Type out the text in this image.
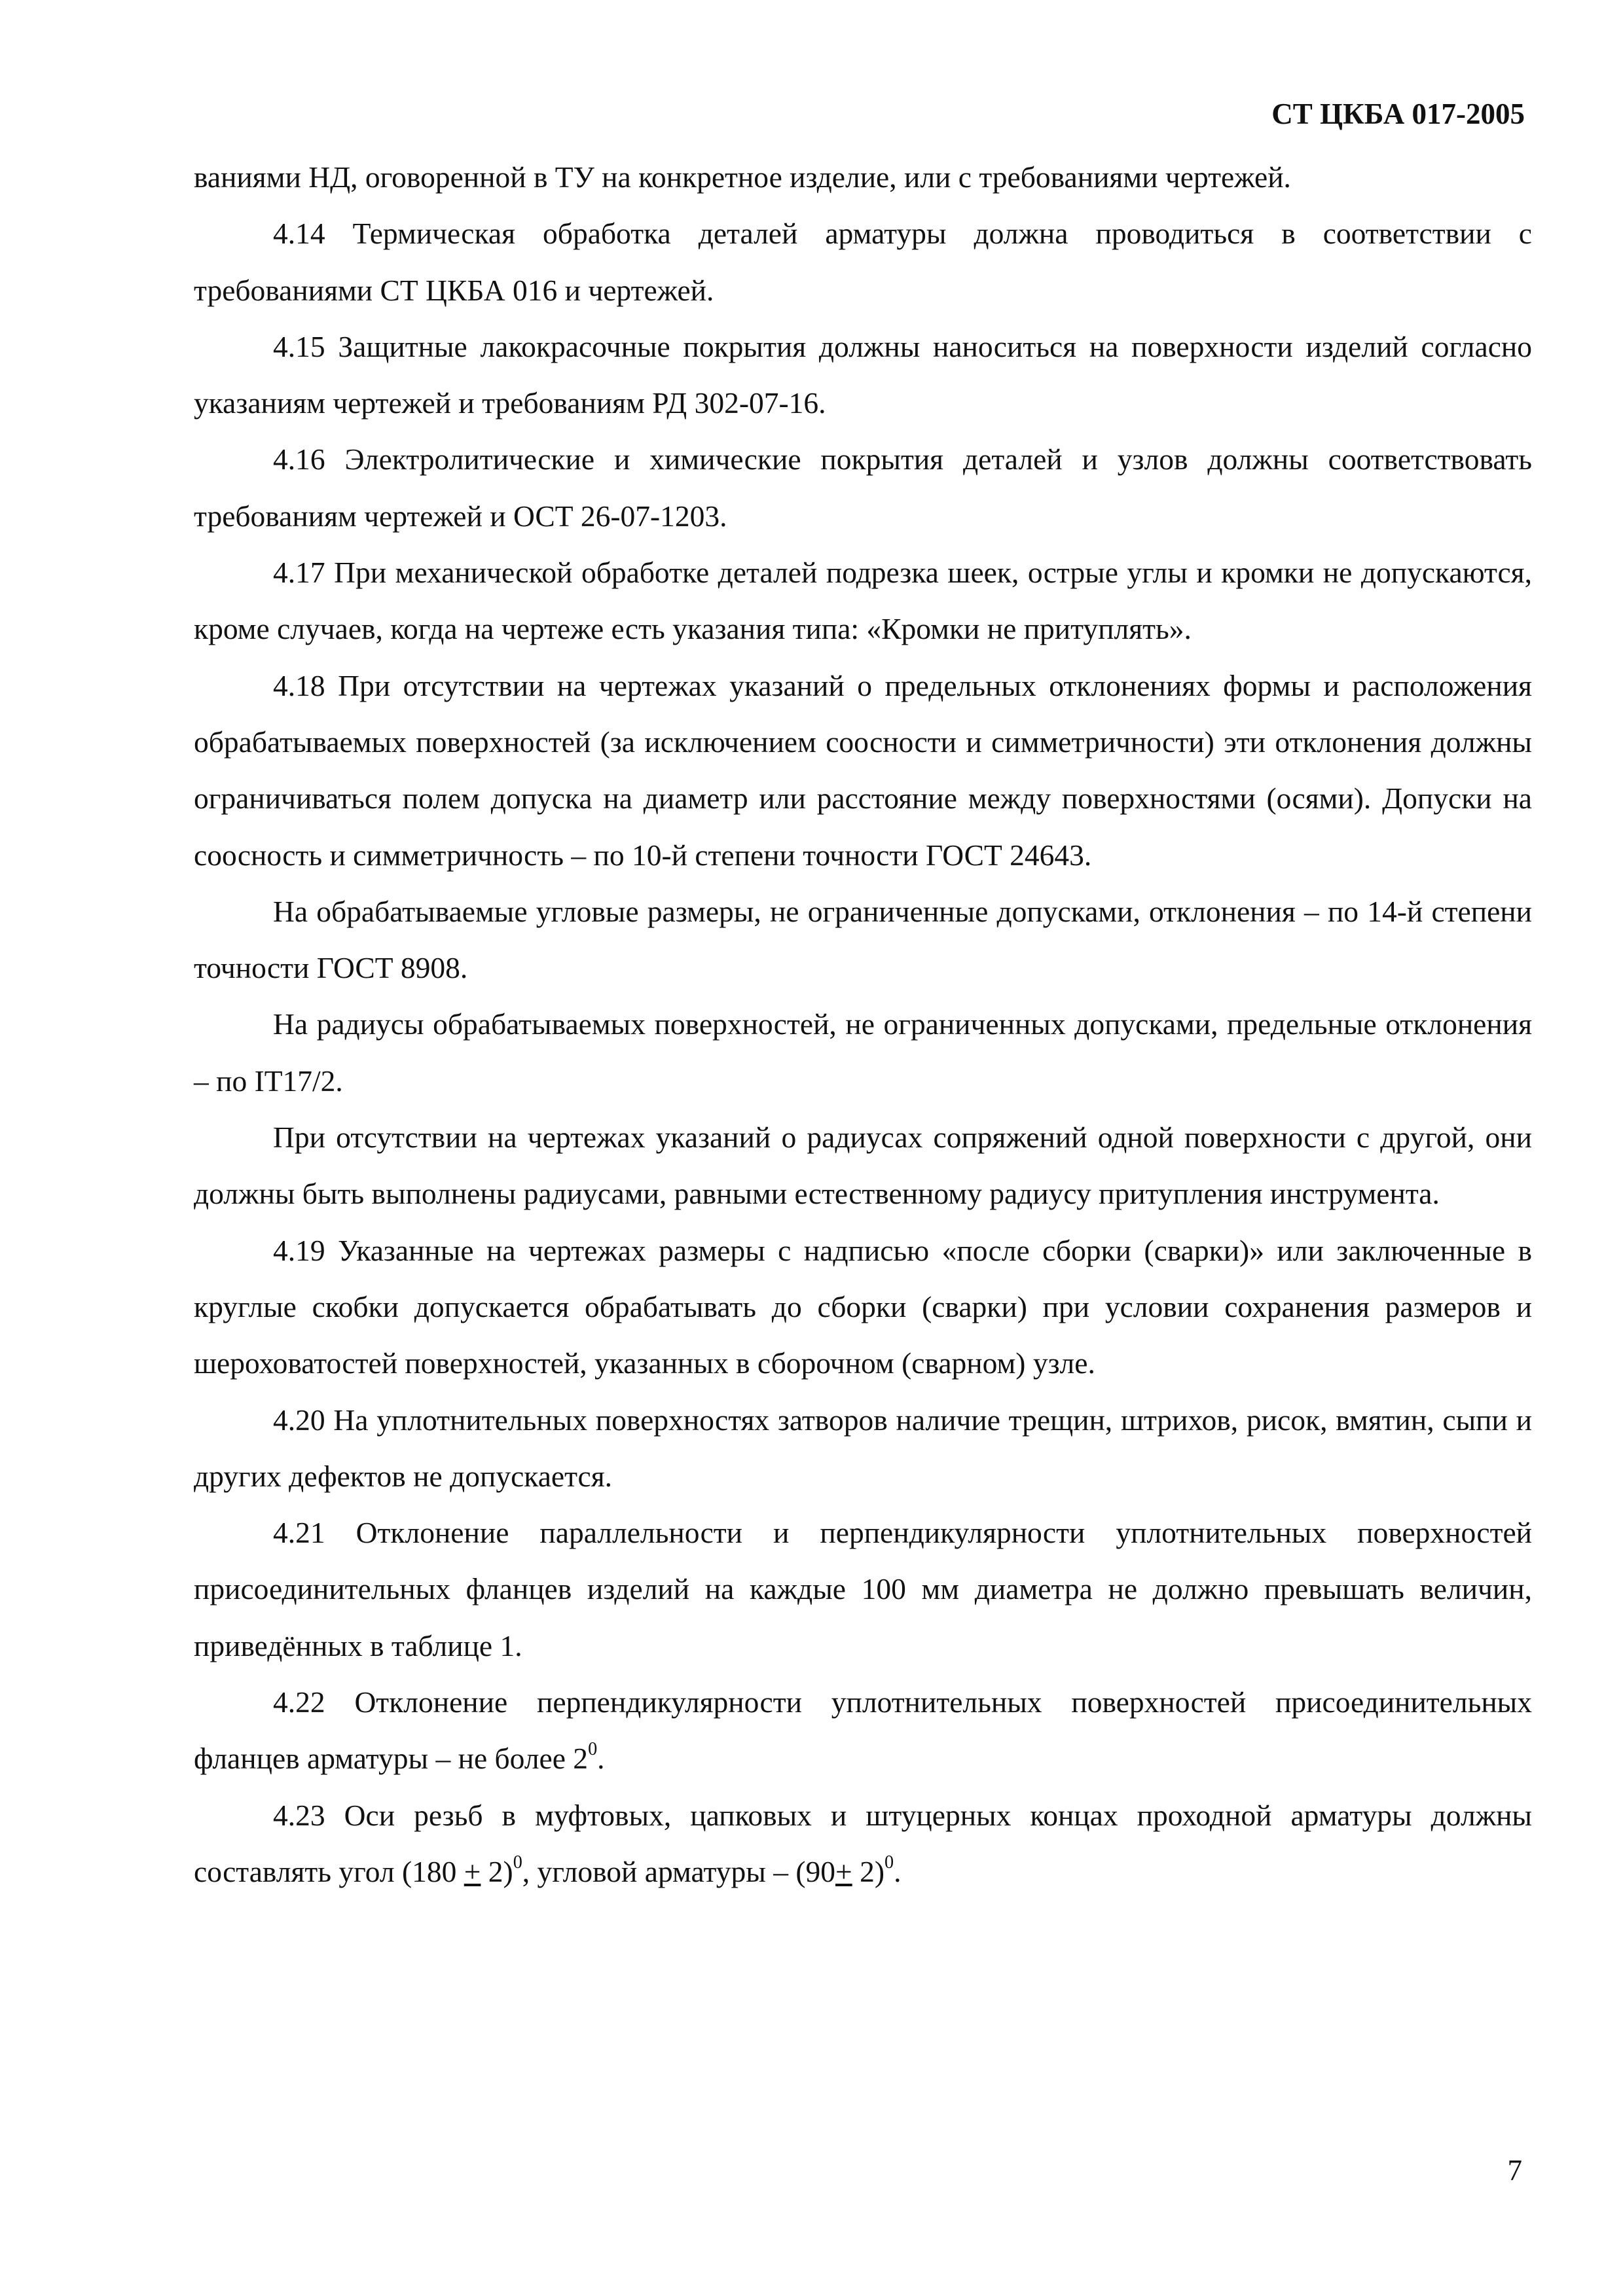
СТ ЦКБА 017-2005

ваниями НД, оговоренной в ТУ на конкретное изделие, или с требованиями чертежей.

4.14 Термическая обработка деталей арматуры должна проводиться в соответствии с требованиями СТ ЦКБА 016 и чертежей.

4.15 Защитные лакокрасочные покрытия должны наноситься на поверхности изделий согласно указаниям чертежей и требованиям РД 302-07-16.

4.16 Электролитические и химические покрытия деталей и узлов должны соответствовать требованиям чертежей и ОСТ 26-07-1203.

4.17 При механической обработке деталей подрезка шеек, острые углы и кромки не допускаются, кроме случаев, когда на чертеже есть указания типа: «Кромки не притуплять».

4.18 При отсутствии на чертежах указаний о предельных отклонениях формы и расположения обрабатываемых поверхностей (за исключением соосности и симметричности) эти отклонения должны ограничиваться полем допуска на диаметр или расстояние между поверхностями (осями). Допуски на соосность и симметричность – по 10-й степени точности ГОСТ 24643.

На обрабатываемые угловые размеры, не ограниченные допусками, отклонения – по 14-й степени точности ГОСТ 8908.

На радиусы обрабатываемых поверхностей, не ограниченных допусками, предельные отклонения – по IT17/2.

При отсутствии на чертежах указаний о радиусах сопряжений одной поверхности с другой, они должны быть выполнены радиусами, равными естественному радиусу притупления инструмента.

4.19 Указанные на чертежах размеры с надписью «после сборки (сварки)» или заключенные в круглые скобки допускается обрабатывать до сборки (сварки) при условии сохранения размеров и шероховатостей поверхностей, указанных в сборочном (сварном) узле.

4.20 На уплотнительных поверхностях затворов наличие трещин, штрихов, рисок, вмятин, сыпи и других дефектов не допускается.

4.21 Отклонение параллельности и перпендикулярности уплотнительных поверхностей присоединительных фланцев изделий на каждые 100 мм диаметра не должно превышать величин, приведённых в таблице 1.

4.22 Отклонение перпендикулярности уплотнительных поверхностей присоединительных фланцев арматуры – не более $2^0$.

4.23 Оси резьб в муфтовых, цапковых и штуцерных концах проходной арматуры должны составлять угол $(180 + 2)^0$, угловой арматуры – $(90+ 2)^0$.

7
